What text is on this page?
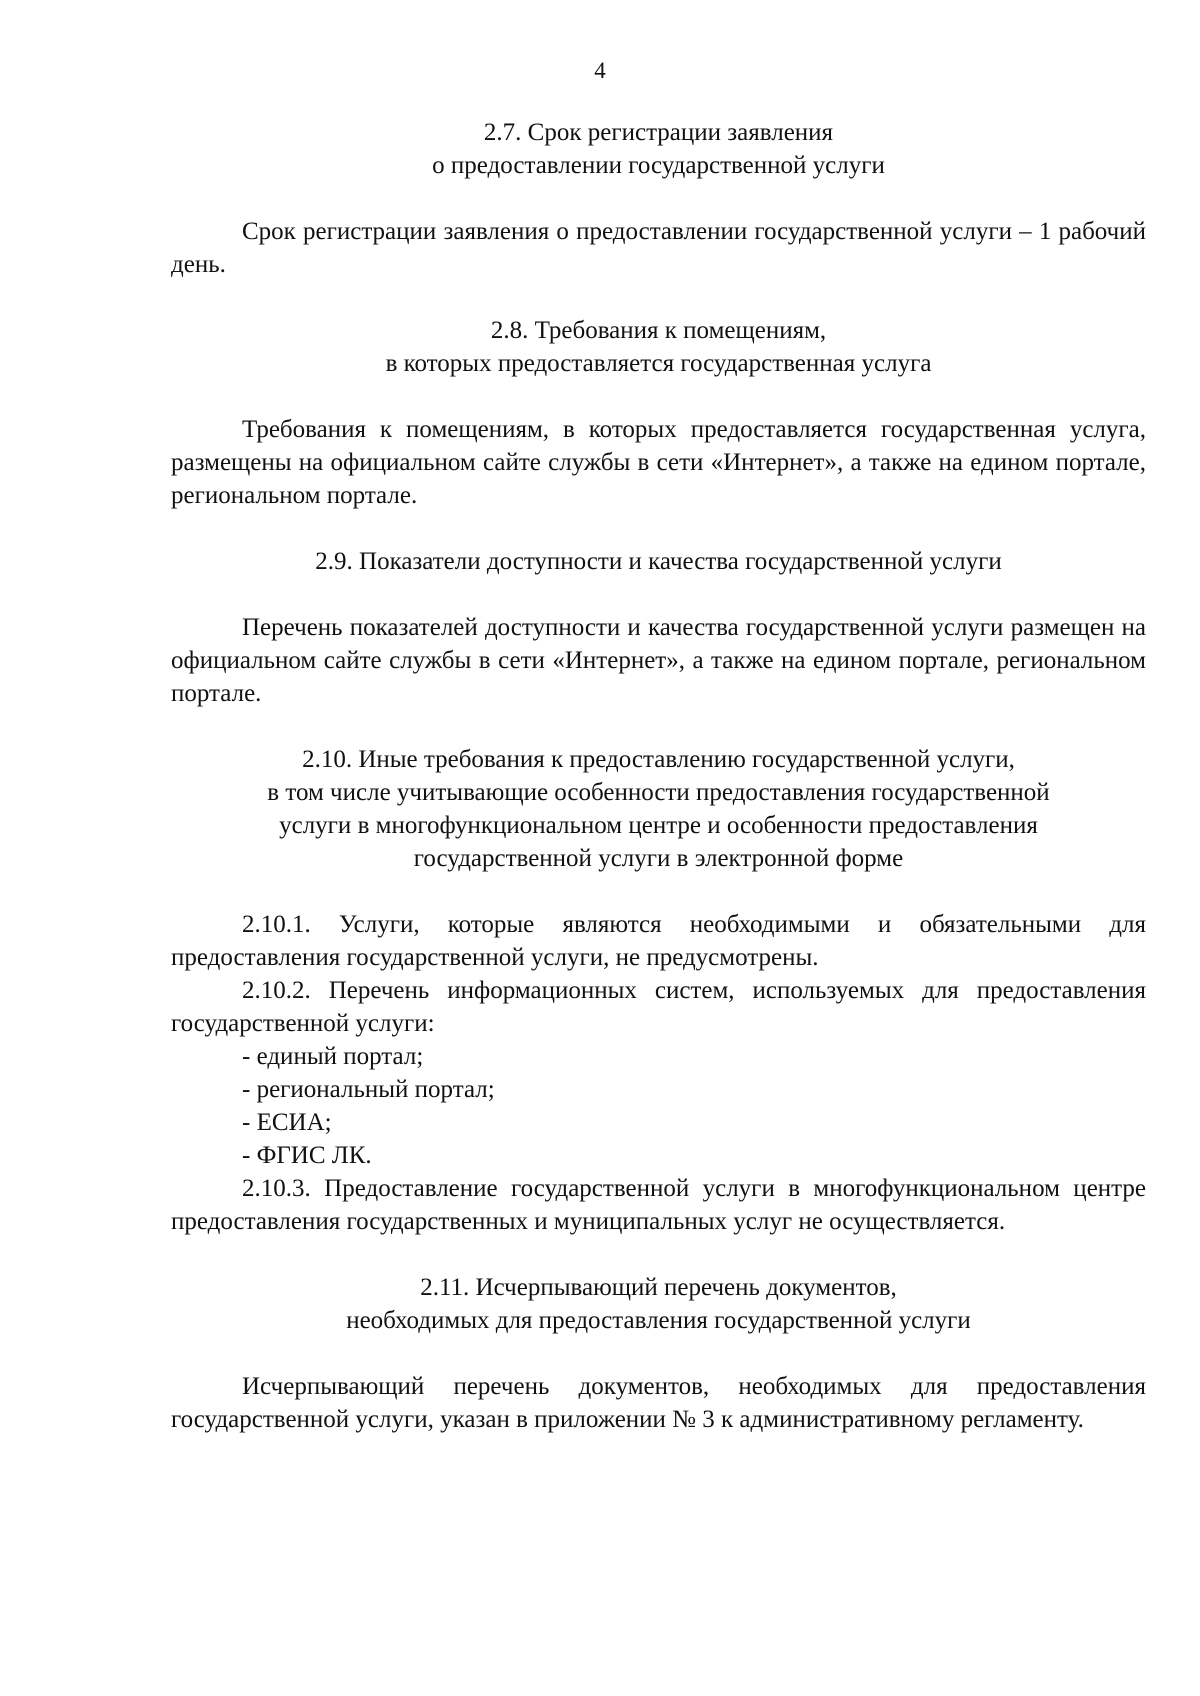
4
2.7. Срок регистрации заявления
о предоставлении государственной услуги

Срок регистрации заявления о предоставлении государственной услуги – 1 рабочий день.

2.8. Требования к помещениям,
в которых предоставляется государственная услуга

Требования к помещениям, в которых предоставляется государственная услуга, размещены на официальном сайте службы в сети «Интернет», а также на едином портале, региональном портале.

2.9. Показатели доступности и качества государственной услуги

Перечень показателей доступности и качества государственной услуги размещен на официальном сайте службы в сети «Интернет», а также на едином портале, региональном портале.

2.10. Иные требования к предоставлению государственной услуги,
в том числе учитывающие особенности предоставления государственной
услуги в многофункциональном центре и особенности предоставления
государственной услуги в электронной форме

2.10.1. Услуги, которые являются необходимыми и обязательными для предоставления государственной услуги, не предусмотрены.

2.10.2. Перечень информационных систем, используемых для предоставления государственной услуги:

- единый портал;

- региональный портал;

- ЕСИА;

- ФГИС ЛК.

2.10.3. Предоставление государственной услуги в многофункциональном центре предоставления государственных и муниципальных услуг не осуществляется.

2.11. Исчерпывающий перечень документов,
необходимых для предоставления государственной услуги

Исчерпывающий перечень документов, необходимых для предоставления государственной услуги, указан в приложении № 3 к административному регламенту.
